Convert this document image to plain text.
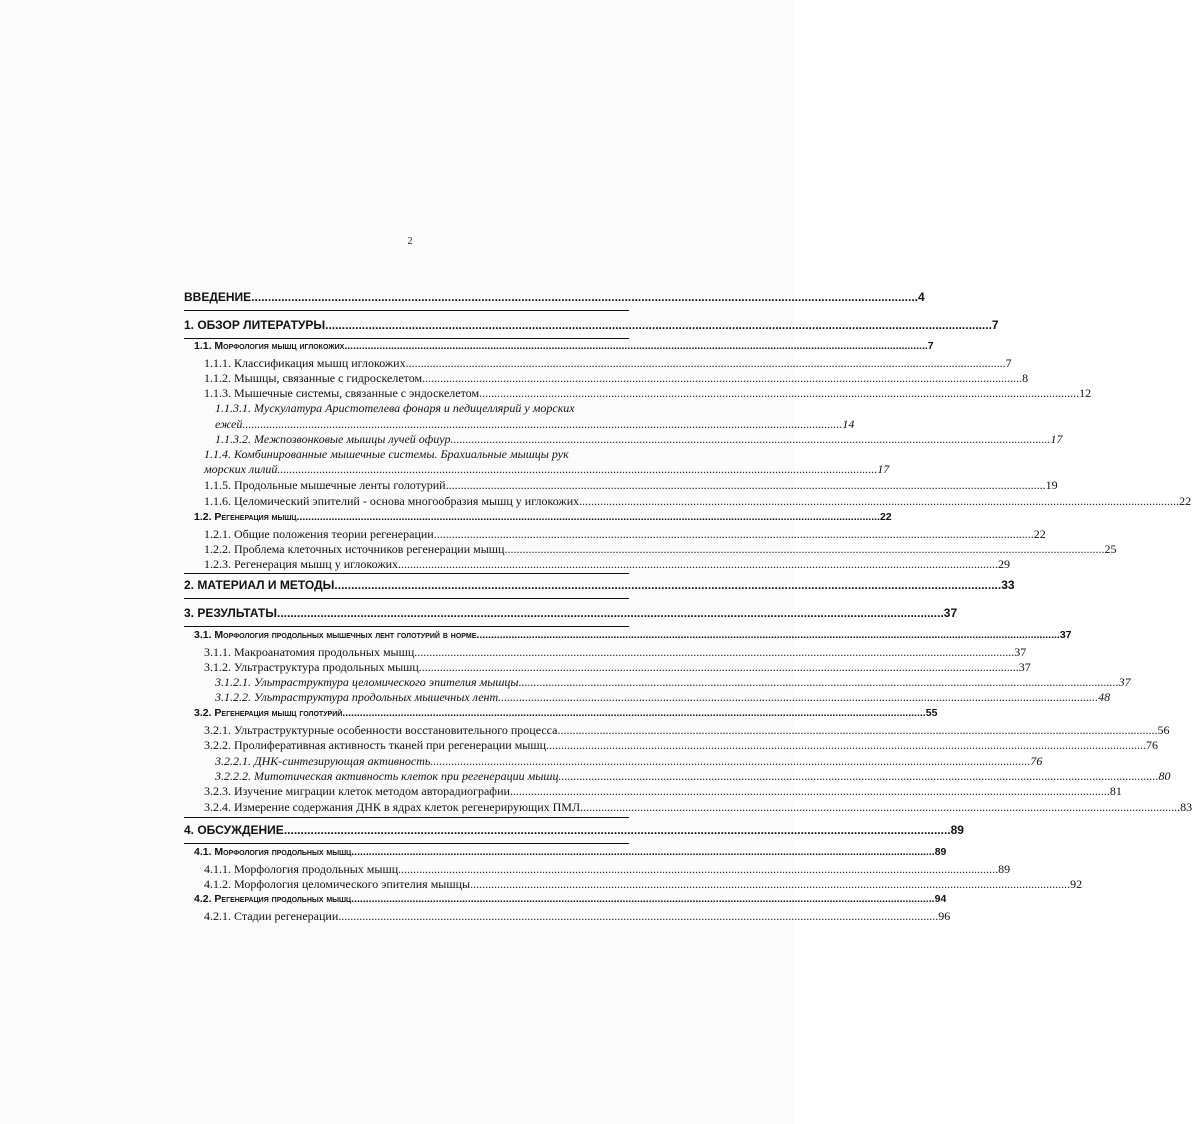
2
ВВЕДЕНИЕ .....	4
1. ОБЗОР ЛИТЕРАТУРЫ .....	7
1.1. Морфология мышц иглокожих .....	7
1.1.1. Классификация мышц иглокожих .....	7
1.1.2. Мышцы, связанные с гидроскелетом .....	8
1.1.3. Мышечные системы, связанные с эндоскелетом .....	12
1.1.3.1. Мускулатура Аристотелева фонаря и педицеллярий у морских
ежей .....	14
1.1.3.2. Межпозвонковые мышцы лучей офиур .....	17
1.1.4. Комбинированные мышечные системы. Брахиальные мышцы рук
морских лилий .....	17
1.1.5. Продольные мышечные ленты голотурий .....	19
1.1.6. Целомический эпителий - основа многообразия мышц у иглокожих .....	22
1.2. Регенерация мышц .....	22
1.2.1. Общие положения теории регенерации .....	22
1.2.2. Проблема клеточных источников регенерации мышц .....	25
1.2.3. Регенерация мышц у иглокожих .....	29
2. МАТЕРИАЛ И МЕТОДЫ .....	33
3. РЕЗУЛЬТАТЫ .....	37
3.1. Морфология продольных мышечных лент голотурий в норме .....	37
3.1.1. Макроанатомия продольных мышц .....	37
3.1.2. Ультраструктура продольных мышц .....	37
3.1.2.1. Ультраструктура целомического эпителия мышцы .....	37
3.1.2.2. Ультраструктура продольных мышечных лент .....	48
3.2. Регенерация мышц голотурий .....	55
3.2.1. Ультраструктурные особенности восстановительного процесса .....	56
3.2.2. Пролиферативная активность тканей при регенерации мышц .....	76
3.2.2.1. ДНК-синтезирующая активность .....	76
3.2.2.2. Митотическая активность клеток при регенерации мышц .....	80
3.2.3. Изучение миграции клеток методом авторадиографии .....	81
3.2.4. Измерение содержания ДНК в ядрах клеток регенерирующих ПМЛ .....	83
4. ОБСУЖДЕНИЕ .....	89
4.1. Морфология продольных мышц .....	89
4.1.1. Морфология продольных мышц .....	89
4.1.2. Морфология целомического эпителия мышцы .....	92
4.2. Регенерация продольных мышц .....	94
4.2.1. Стадии регенерации .....	96
